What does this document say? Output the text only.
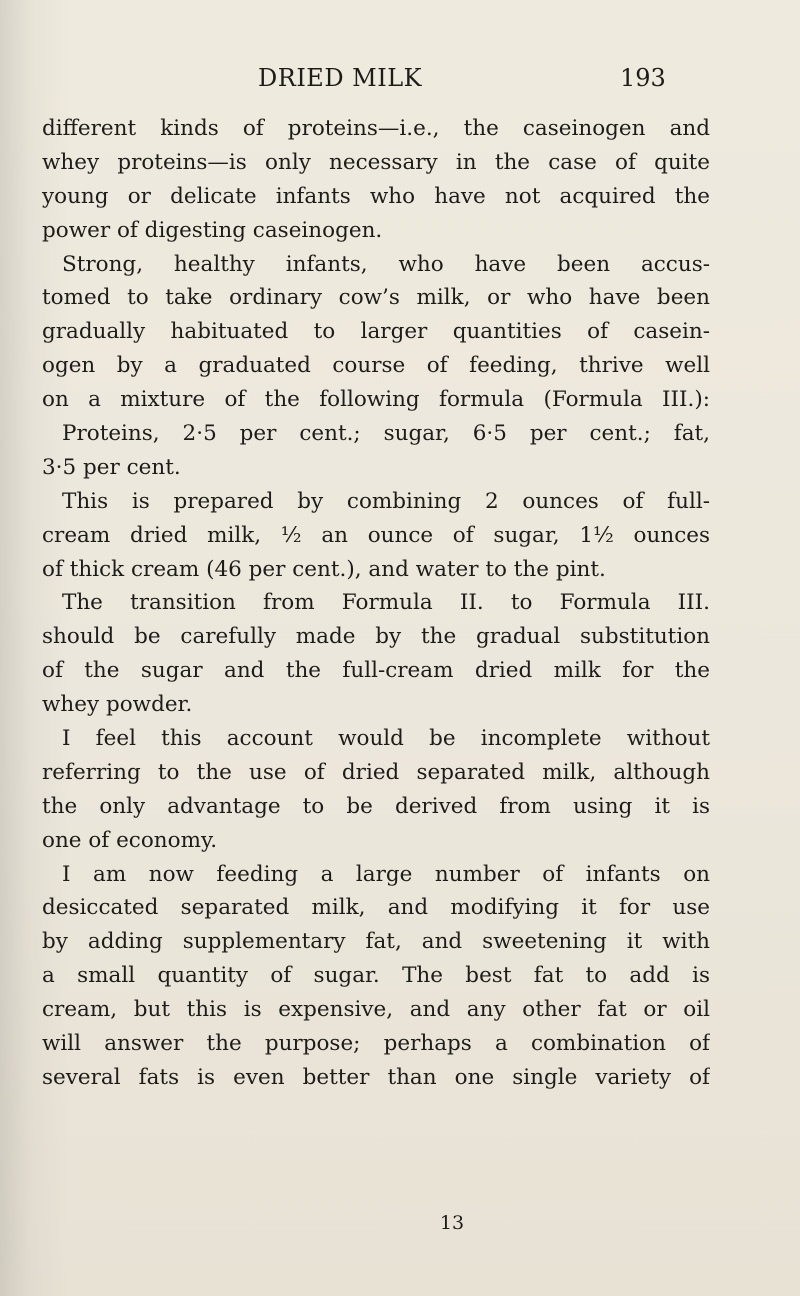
DRIED MILK	193
different kinds of proteins—i.e., the caseinogen and
whey proteins—is only necessary in the case of quite
young or delicate infants who have not acquired the
power of digesting caseinogen.
Strong, healthy infants, who have been accus-
tomed to take ordinary cow’s milk, or who have been
gradually habituated to larger quantities of casein-
ogen by a graduated course of feeding, thrive well
on a mixture of the following formula (Formula III.):
Proteins, 2·5 per cent.; sugar, 6·5 per cent.; fat,
3·5 per cent.
This is prepared by combining 2 ounces of full-
cream dried milk, ½ an ounce of sugar, 1½ ounces
of thick cream (46 per cent.), and water to the pint.
The transition from Formula II. to Formula III.
should be carefully made by the gradual substitution
of the sugar and the full-cream dried milk for the
whey powder.
I feel this account would be incomplete without
referring to the use of dried separated milk, although
the only advantage to be derived from using it is
one of economy.
I am now feeding a large number of infants on
desiccated separated milk, and modifying it for use
by adding supplementary fat, and sweetening it with
a small quantity of sugar. The best fat to add is
cream, but this is expensive, and any other fat or oil
will answer the purpose; perhaps a combination of
several fats is even better than one single variety of
13
